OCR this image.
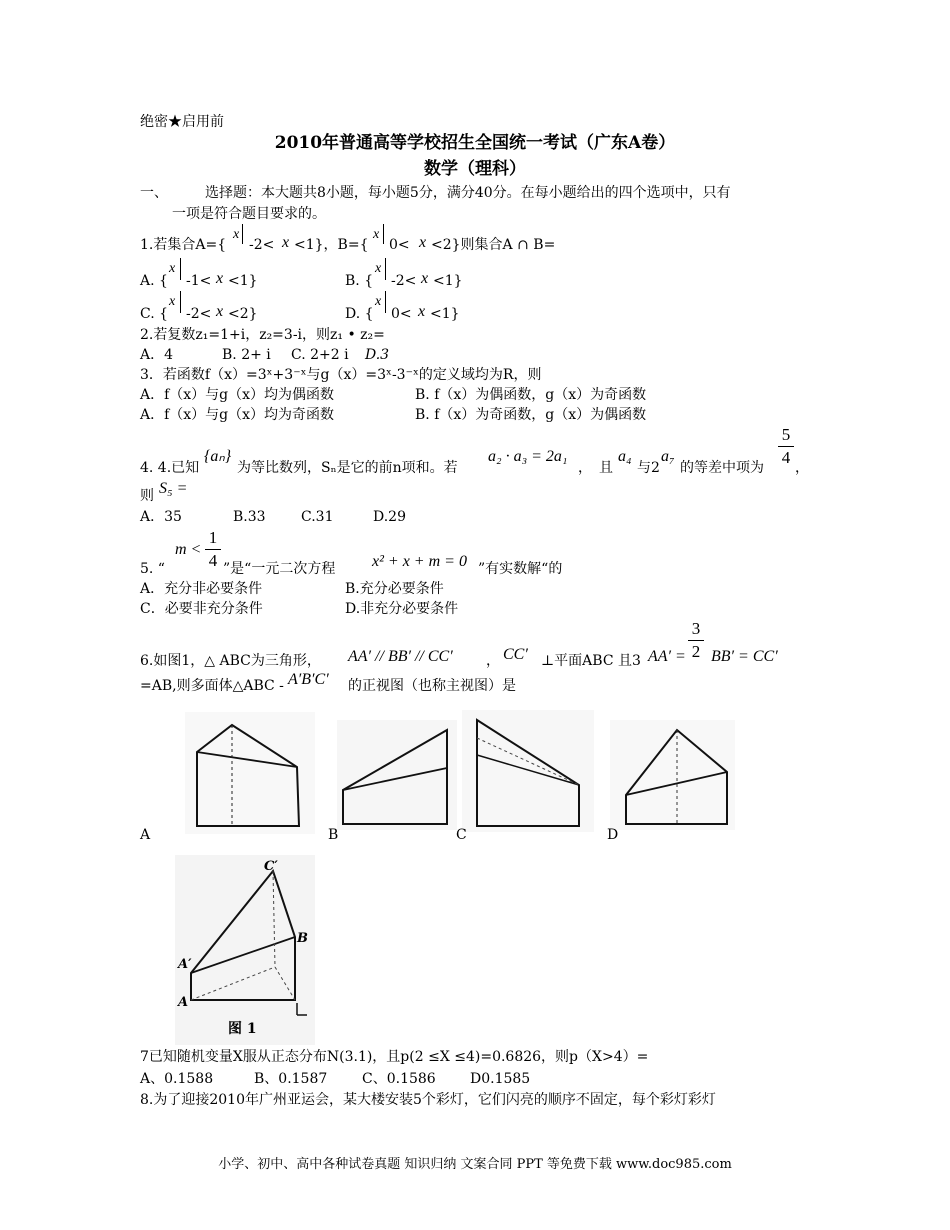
绝密★启用前
2010年普通高等学校招生全国统一考试（广东A卷）
数学（理科）
一、	选择题：本大题共8小题，每小题5分，满分40分。在每小题给出的四个选项中，只有
一项是符合题目要求的。
1.若集合A={
x
-2< x <1}，B={
x
0< x <2}则集合A ∩ B=
A. {
x
-1< x <1}	B. {
x
-2< x <1}
C. {
x
-2< x <2}	D. {
x
0< x <1}
2.若复数z₁=1+i，z₂=3-i，则z₁ • z₂=
A．4	B. 2+ i C. 2+2 i D.3
3．若函数f（x）=3ˣ+3⁻ˣ与g（x）=3ˣ-3⁻ˣ的定义域均为R，则
A．f（x）与g（x）均为偶函数	B. f（x）为偶函数，g（x）为奇函数
A．f（x）与g（x）均为奇函数	B. f（x）为奇函数，g（x）为偶函数
4. 4.已知
{aₙ}
为等比数列，Sₙ是它的前n项和。若
a₂ · a₃ = 2a₁
，　且
a₄
与2
a₇
的等差中项为
5
4
，
则 S₅ =
A．35	B.33	C.31	D.29
5. “
m <
1
4 ”是“一元二次方程 x² + x + m = 0 ”有实数解“的
A．充分非必要条件	B.充分必要条件
C．必要非充分条件	D.非充分必要条件
6.如图1，△ ABC为三角形， AA′ // BB′ // CC′ ， CC′ ⊥平面ABC 且3 AA′ =
3
2 BB′ = CC′
=AB,则多面体△ABC - A′B′C′ 的正视图（也称主视图）是
A	B	C	D
C′
B
A′
A
图 1
7已知随机变量X服从正态分布N(3.1)，且p(2 ≤X ≤4)=0.6826，则p（X>4）=
A、0.1588	B、0.1587 C、0.1586 D0.1585
8.为了迎接2010年广州亚运会，某大楼安装5个彩灯，它们闪亮的顺序不固定，每个彩灯彩灯
小学、初中、高中各种试卷真题 知识归纳 文案合同 PPT 等免费下载 www.doc985.com
